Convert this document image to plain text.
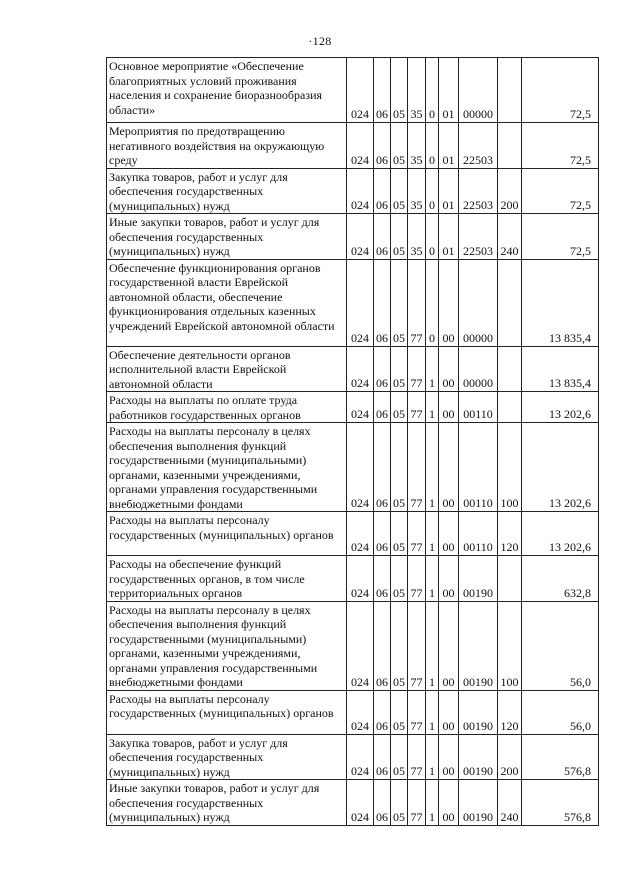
·128
Основное мероприятие «Обеспечение благоприятных условий проживания населения и сохранение биоразнообразия области»	024	06	05	35	0	01	00000		72,5
Мероприятия по предотвращению негативного воздействия на окружающую среду	024	06	05	35	0	01	22503		72,5
Закупка товаров, работ и услуг для обеспечения государственных (муниципальных) нужд	024	06	05	35	0	01	22503	200	72,5
Иные закупки товаров, работ и услуг для обеспечения государственных (муниципальных) нужд	024	06	05	35	0	01	22503	240	72,5
Обеспечение функционирования органов государственной власти Еврейской автономной области, обеспечение функционирования отдельных казенных учреждений Еврейской автономной области	024	06	05	77	0	00	00000		13 835,4
Обеспечение деятельности органов исполнительной власти Еврейской автономной области	024	06	05	77	1	00	00000		13 835,4
Расходы на выплаты по оплате труда работников государственных органов	024	06	05	77	1	00	00110		13 202,6
Расходы на выплаты персоналу в целях обеспечения выполнения функций государственными (муниципальными) органами, казенными учреждениями, органами управления государственными внебюджетными фондами	024	06	05	77	1	00	00110	100	13 202,6
Расходы на выплаты персоналу государственных (муниципальных) органов	024	06	05	77	1	00	00110	120	13 202,6
Расходы на обеспечение функций государственных органов, в том числе территориальных органов	024	06	05	77	1	00	00190		632,8
Расходы на выплаты персоналу в целях обеспечения выполнения функций государственными (муниципальными) органами, казенными учреждениями, органами управления государственными внебюджетными фондами	024	06	05	77	1	00	00190	100	56,0
Расходы на выплаты персоналу государственных (муниципальных) органов	024	06	05	77	1	00	00190	120	56,0
Закупка товаров, работ и услуг для обеспечения государственных (муниципальных) нужд	024	06	05	77	1	00	00190	200	576,8
Иные закупки товаров, работ и услуг для обеспечения государственных (муниципальных) нужд	024	06	05	77	1	00	00190	240	576,8
